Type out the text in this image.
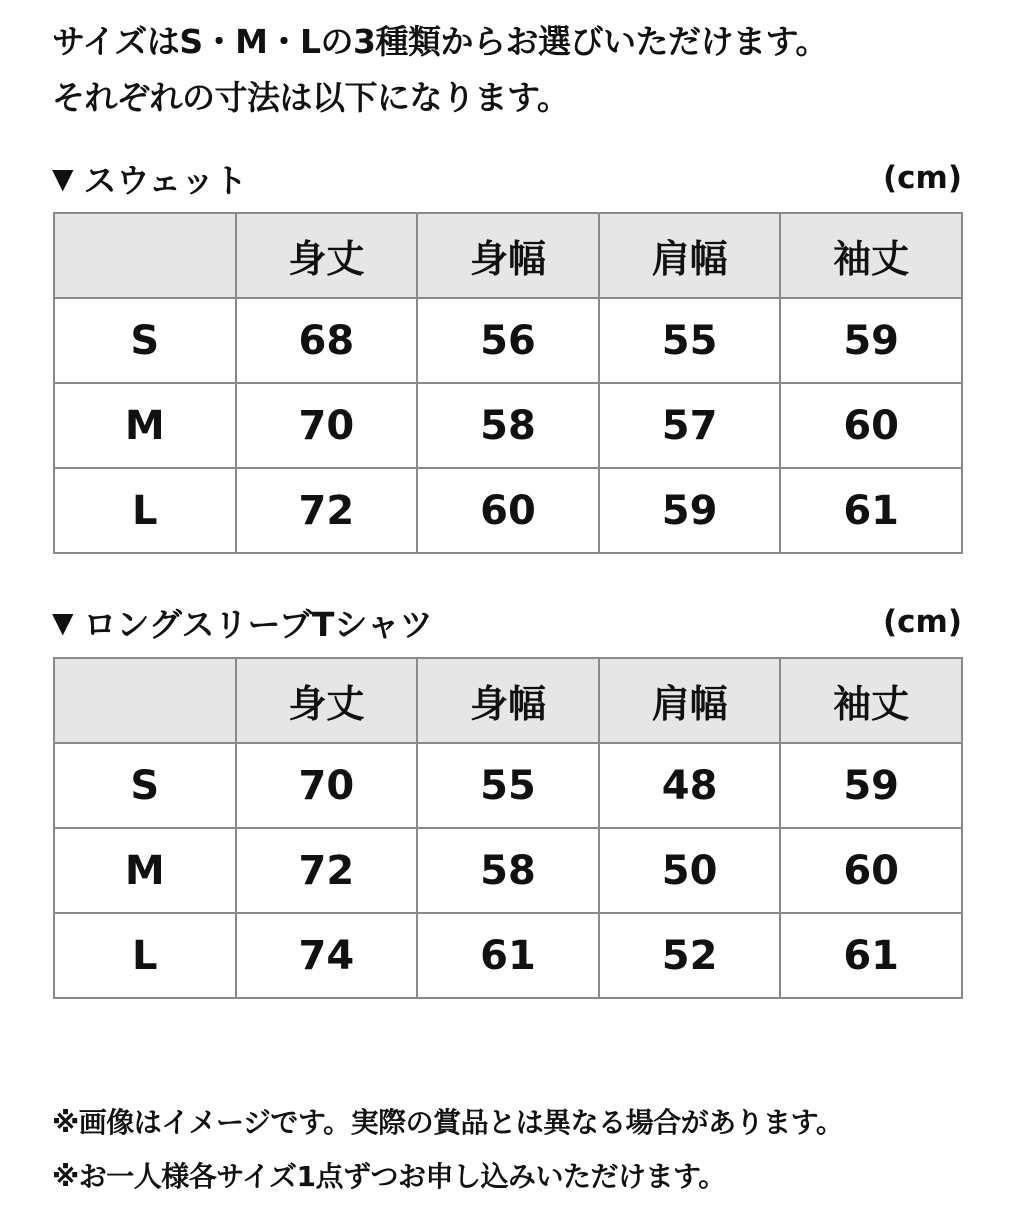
サイズはS・M・Lの3種類からお選びいただけます。
それぞれの寸法は以下になります。
▼ スウェット	(cm)
	身丈	身幅	肩幅	袖丈
S	68	56	55	59
M	70	58	57	60
L	72	60	59	61
▼ ロングスリーブTシャツ	(cm)
	身丈	身幅	肩幅	袖丈
S	70	55	48	59
M	72	58	50	60
L	74	61	52	61
※画像はイメージです。実際の賞品とは異なる場合があります。
※お一人様各サイズ1点ずつお申し込みいただけます。
